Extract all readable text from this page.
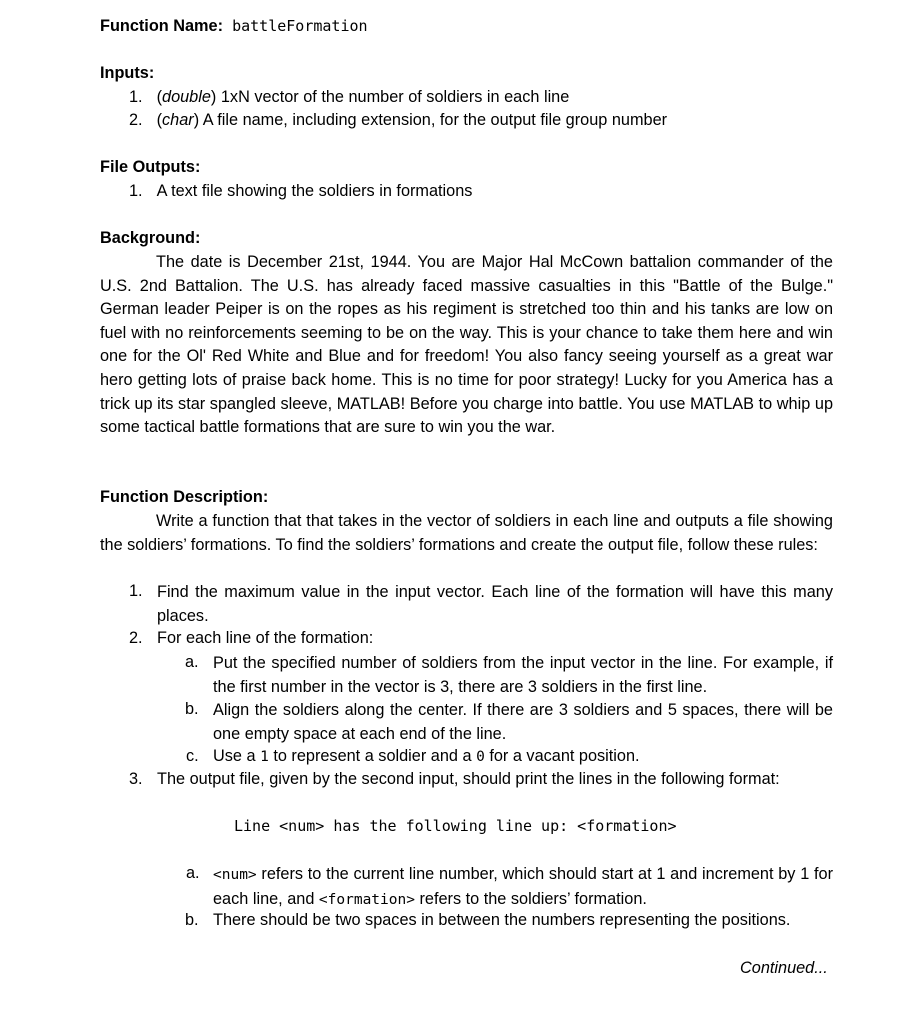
Function Name: battleFormation
Inputs:
1. (double) 1xN vector of the number of soldiers in each line
2. (char) A file name, including extension, for the output file group number
File Outputs:
1. A text file showing the soldiers in formations
Background:
The date is December 21st, 1944. You are Major Hal McCown battalion commander of the U.S. 2nd Battalion. The U.S. has already faced massive casualties in this "Battle of the Bulge." German leader Peiper is on the ropes as his regiment is stretched too thin and his tanks are low on fuel with no reinforcements seeming to be on the way. This is your chance to take them here and win one for the Ol' Red White and Blue and for freedom! You also fancy seeing yourself as a great war hero getting lots of praise back home. This is no time for poor strategy! Lucky for you America has a trick up its star spangled sleeve, MATLAB! Before you charge into battle. You use MATLAB to whip up some tactical battle formations that are sure to win you the war.
Function Description:
Write a function that that takes in the vector of soldiers in each line and outputs a file showing the soldiers’ formations. To find the soldiers’ formations and create the output file, follow these rules:
1. Find the maximum value in the input vector. Each line of the formation will have this many places.
2. For each line of the formation:
a. Put the specified number of soldiers from the input vector in the line. For example, if the first number in the vector is 3, there are 3 soldiers in the first line.
b. Align the soldiers along the center. If there are 3 soldiers and 5 spaces, there will be one empty space at each end of the line.
c. Use a 1 to represent a soldier and a 0 for a vacant position.
3. The output file, given by the second input, should print the lines in the following format:
Line <num> has the following line up: <formation>
a. <num> refers to the current line number, which should start at 1 and increment by 1 for each line, and <formation> refers to the soldiers’ formation.
b. There should be two spaces in between the numbers representing the positions.
Continued...
